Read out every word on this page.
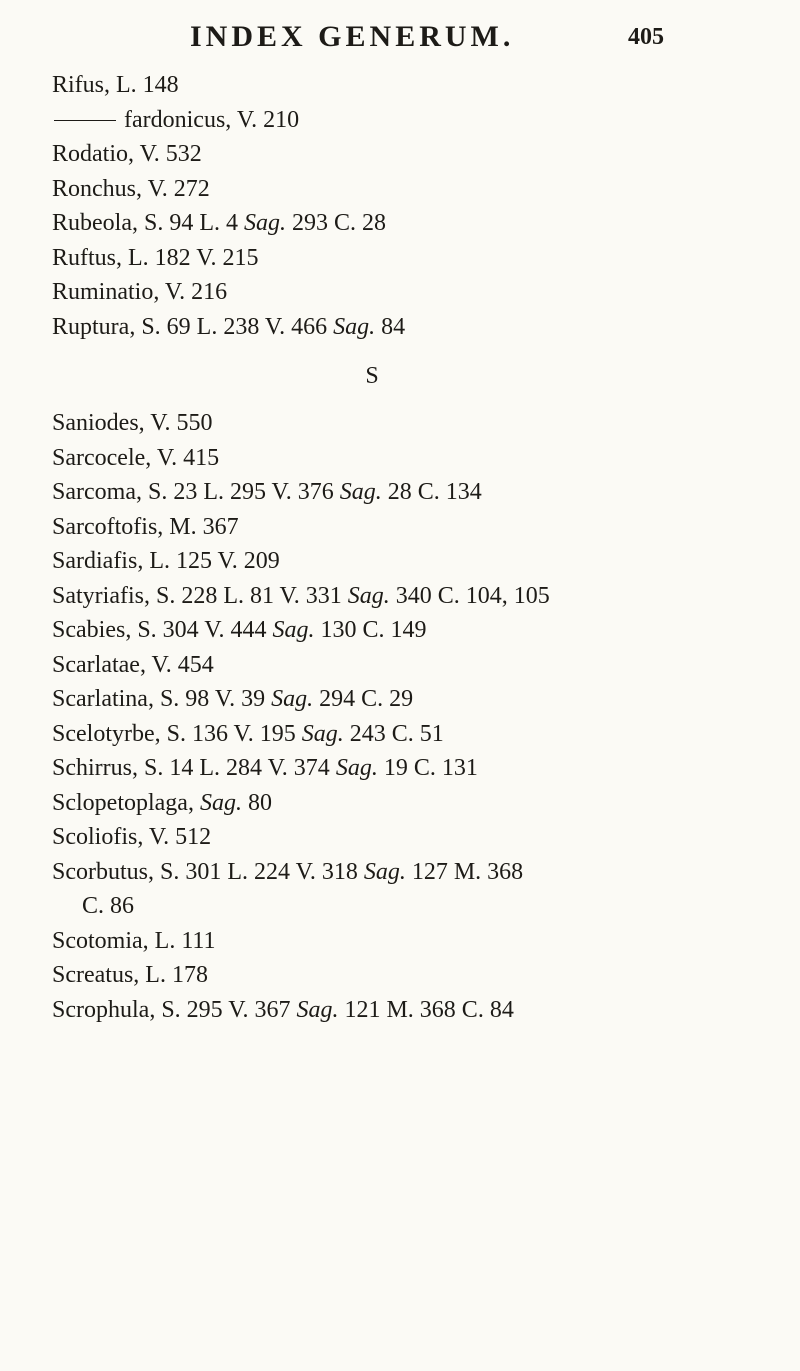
INDEX GENERUM.	405
Rifus, L. 148
fardonicus, V. 210
Rodatio, V. 532
Ronchus, V. 272
Rubeola, S. 94 L. 4 Sag. 293 C. 28
Ruftus, L. 182 V. 215
Ruminatio, V. 216
Ruptura, S. 69 L. 238 V. 466 Sag. 84
S
Saniodes, V. 550
Sarcocele, V. 415
Sarcoma, S. 23 L. 295 V. 376 Sag. 28 C. 134
Sarcoftofis, M. 367
Sardiafis, L. 125 V. 209
Satyriafis, S. 228 L. 81 V. 331 Sag. 340 C. 104, 105
Scabies, S. 304 V. 444 Sag. 130 C. 149
Scarlatae, V. 454
Scarlatina, S. 98 V. 39 Sag. 294 C. 29
Scelotyrbe, S. 136 V. 195 Sag. 243 C. 51
Schirrus, S. 14 L. 284 V. 374 Sag. 19 C. 131
Sclopetoplaga, Sag. 80
Scoliofis, V. 512
Scorbutus, S. 301 L. 224 V. 318 Sag. 127 M. 368
C. 86
Scotomia, L. 111
Screatus, L. 178
Scrophula, S. 295 V. 367 Sag. 121 M. 368 C. 84
